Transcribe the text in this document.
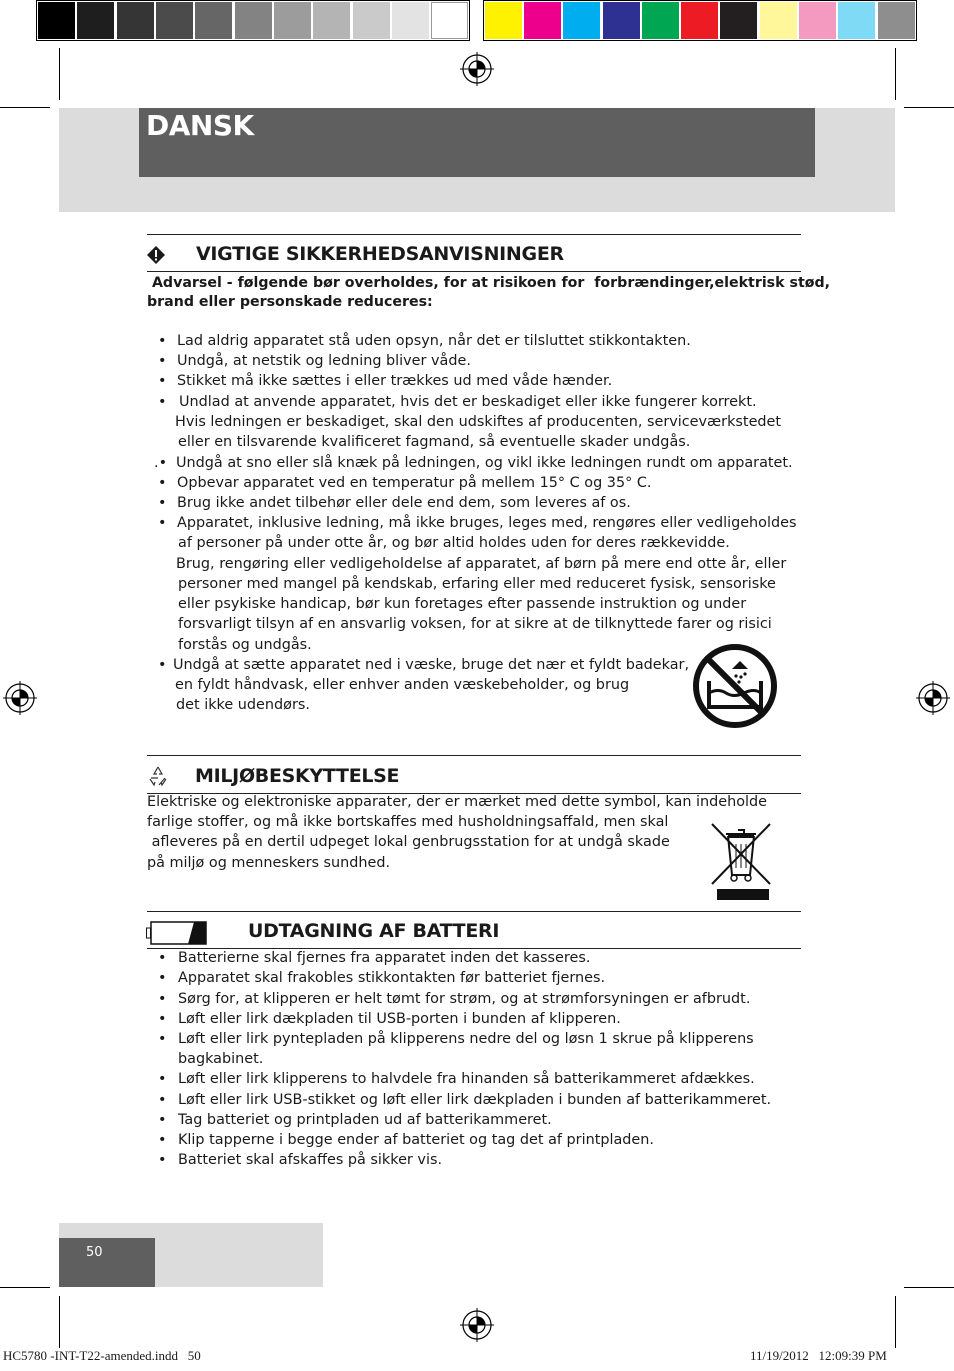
DANSK
VIGTIGE SIKKERHEDSANVISNINGER
Advarsel - følgende bør overholdes, for at risikoen for  forbrændinger,elektrisk stød,
brand eller personskade reduceres:
• Lad aldrig apparatet stå uden opsyn, når det er tilsluttet stikkontakten.
• Undgå, at netstik og ledning bliver våde.
• Stikket må ikke sættes i eller trækkes ud med våde hænder.
• Undlad at anvende apparatet, hvis det er beskadiget eller ikke fungerer korrekt.
Hvis ledningen er beskadiget, skal den udskiftes af producenten, serviceværkstedet
eller en tilsvarende kvalificeret fagmand, så eventuelle skader undgås.
.• Undgå at sno eller slå knæk på ledningen, og vikl ikke ledningen rundt om apparatet.
• Opbevar apparatet ved en temperatur på mellem 15° C og 35° C.
• Brug ikke andet tilbehør eller dele end dem, som leveres af os.
• Apparatet, inklusive ledning, må ikke bruges, leges med, rengøres eller vedligeholdes
af personer på under otte år, og bør altid holdes uden for deres rækkevidde.
Brug, rengøring eller vedligeholdelse af apparatet, af børn på mere end otte år, eller
personer med mangel på kendskab, erfaring eller med reduceret fysisk, sensoriske
eller psykiske handicap, bør kun foretages efter passende instruktion og under
forsvarligt tilsyn af en ansvarlig voksen, for at sikre at de tilknyttede farer og risici
forstås og undgås.
• Undgå at sætte apparatet ned i væske, bruge det nær et fyldt badekar,
en fyldt håndvask, eller enhver anden væskebeholder, og brug
det ikke udendørs.
MILJØBESKYTTELSE
Elektriske og elektroniske apparater, der er mærket med dette symbol, kan indeholde
farlige stoffer, og må ikke bortskaffes med husholdningsaffald, men skal
afleveres på en dertil udpeget lokal genbrugsstation for at undgå skade
på miljø og menneskers sundhed.
UDTAGNING AF BATTERI
• Batterierne skal fjernes fra apparatet inden det kasseres.
• Apparatet skal frakobles stikkontakten før batteriet fjernes.
• Sørg for, at klipperen er helt tømt for strøm, og at strømforsyningen er afbrudt.
• Løft eller lirk dækpladen til USB-porten i bunden af klipperen.
• Løft eller lirk pyntepladen på klipperens nedre del og løsn 1 skrue på klipperens
bagkabinet.
• Løft eller lirk klipperens to halvdele fra hinanden så batterikammeret afdækkes.
• Løft eller lirk USB-stikket og løft eller lirk dækpladen i bunden af batterikammeret.
• Tag batteriet og printpladen ud af batterikammeret.
• Klip tapperne i begge ender af batteriet og tag det af printpladen.
• Batteriet skal afskaffes på sikker vis.
50
HC5780 -INT-T22-amended.indd   50	11/19/2012   12:09:39 PM
